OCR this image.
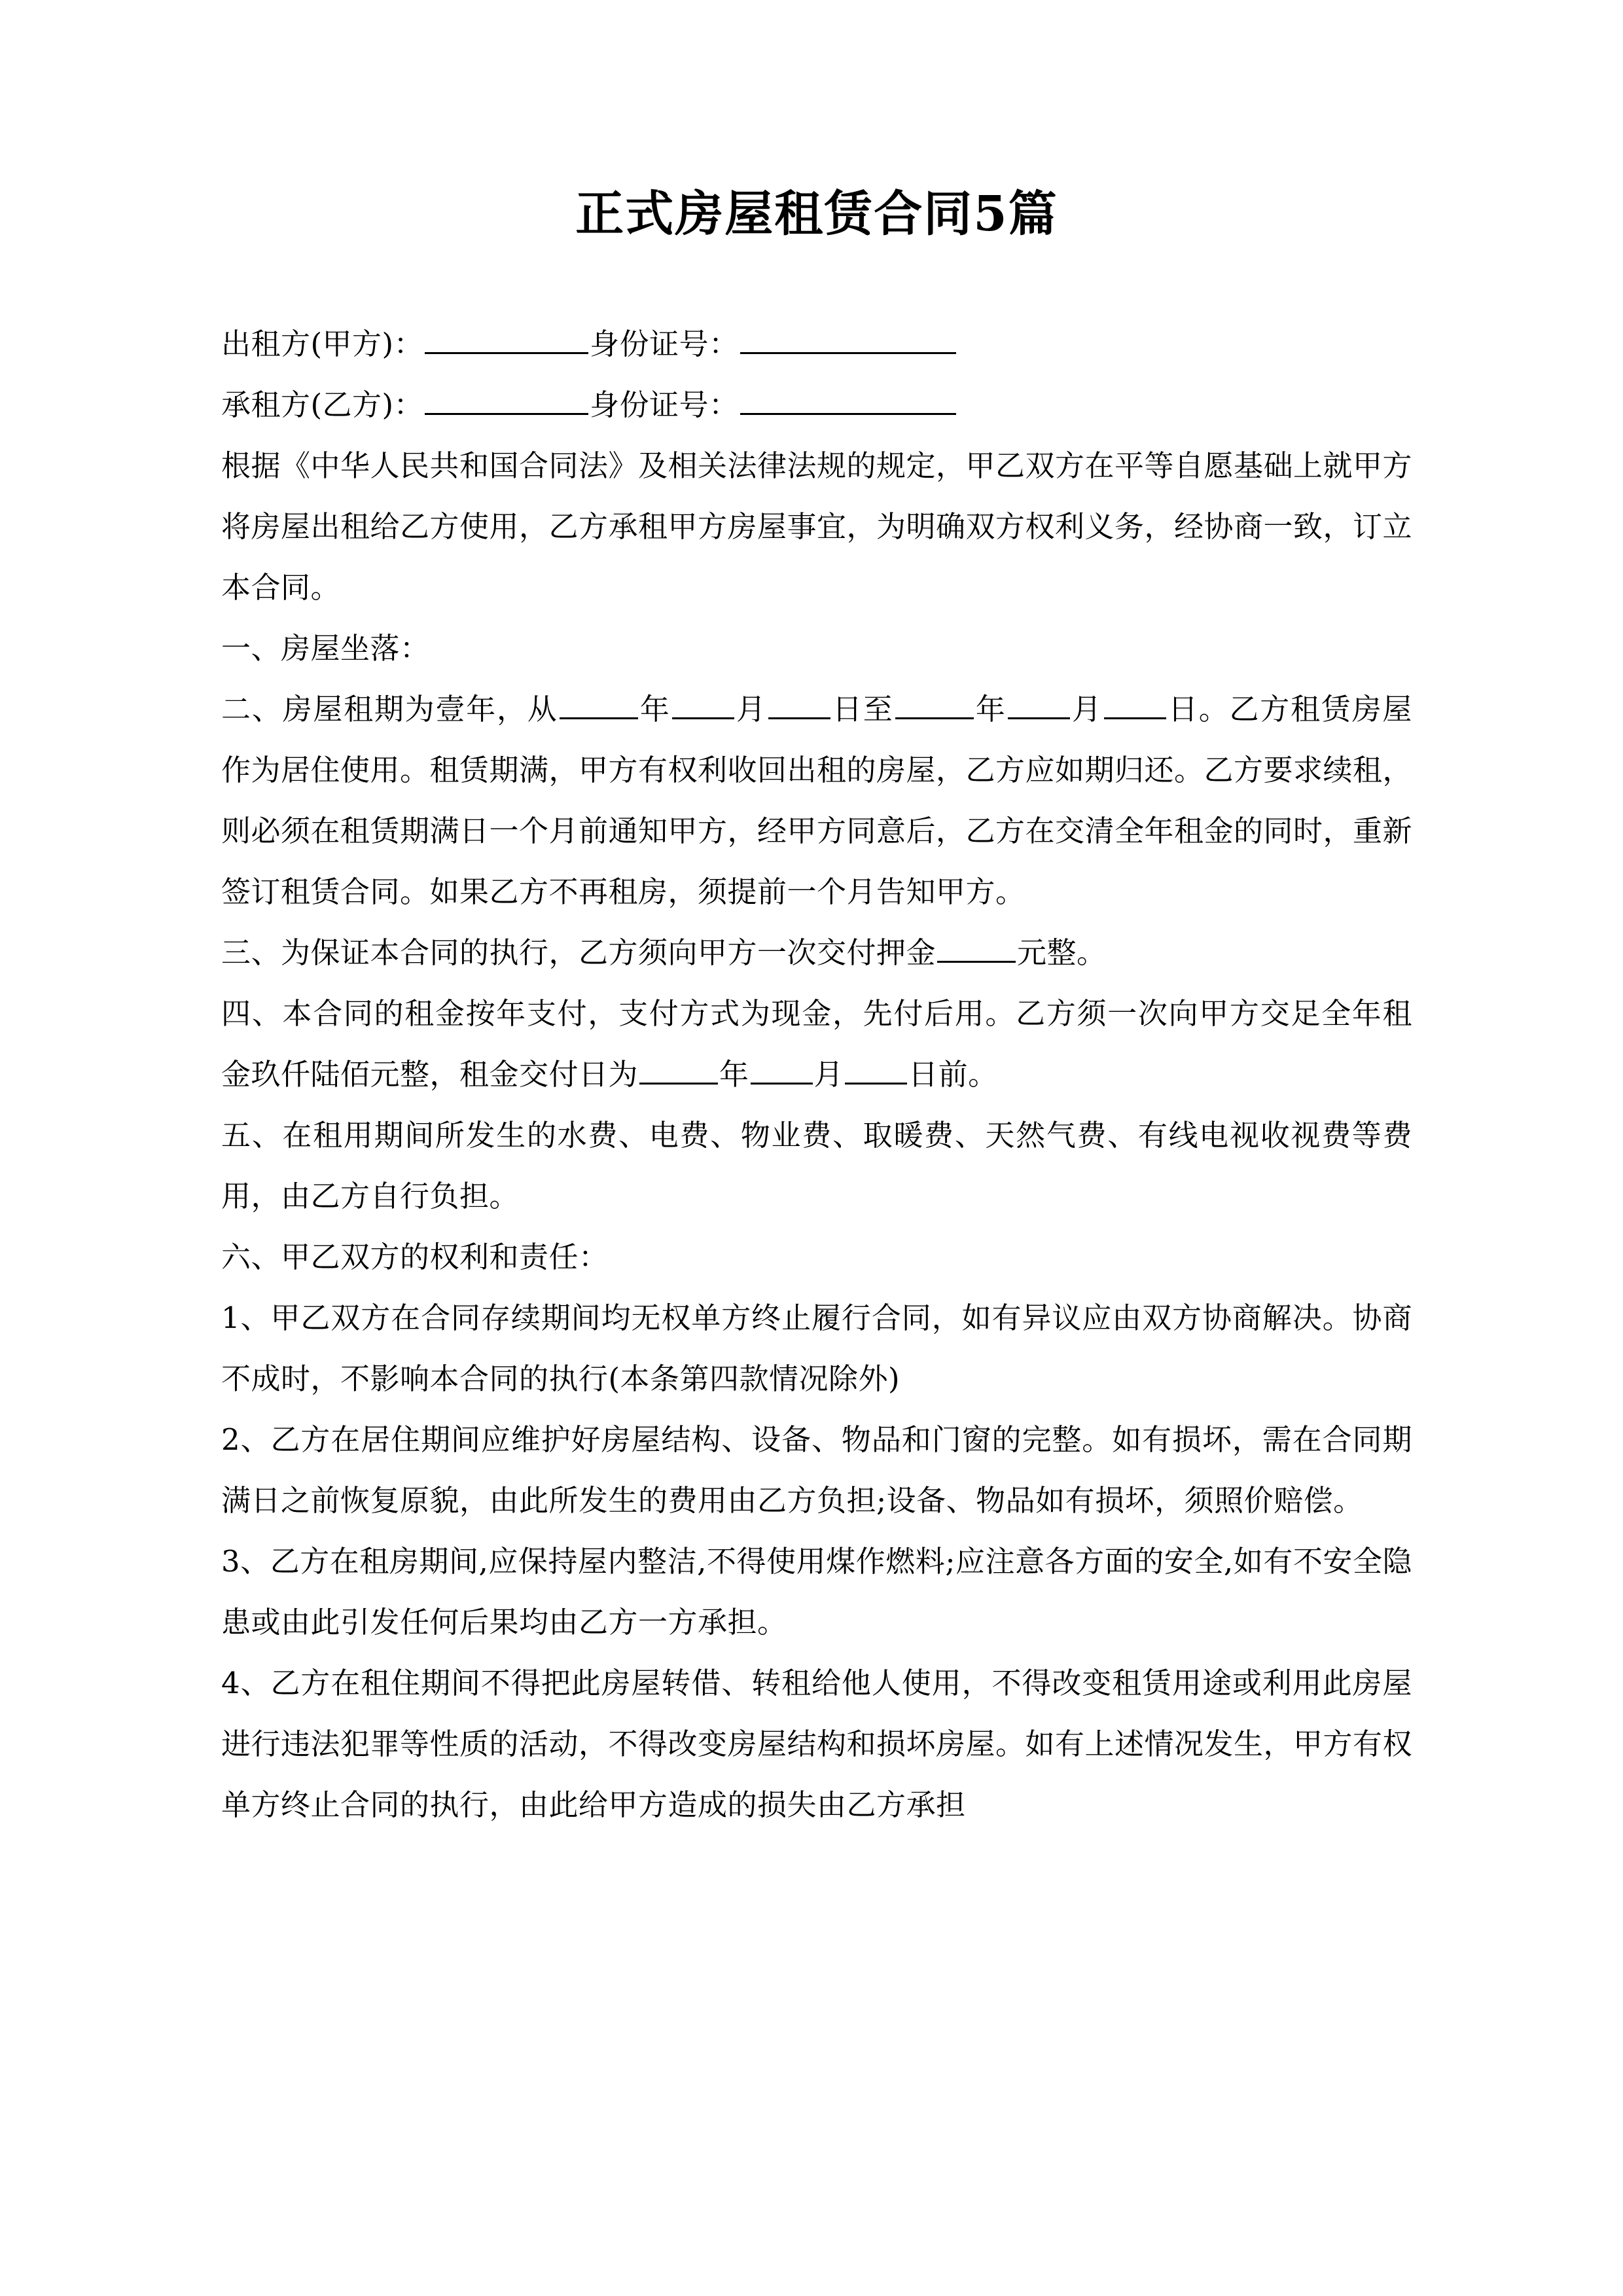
正式房屋租赁合同5篇

出租方(甲方)：	身份证号：

承租方(乙方)：	身份证号：

根据《中华人民共和国合同法》及相关法律法规的规定，甲乙双方在平等自愿基础上就甲方将房屋出租给乙方使用，乙方承租甲方房屋事宜，为明确双方权利义务，经协商一致，订立本合同。

一、房屋坐落：

二、房屋租期为壹年，从	年 月 日至	年 月 日。乙方租赁房屋作为居住使用。租赁期满，甲方有权利收回出租的房屋，乙方应如期归还。乙方要求续租，则必须在租赁期满日一个月前通知甲方，经甲方同意后，乙方在交清全年租金的同时，重新签订租赁合同。如果乙方不再租房，须提前一个月告知甲方。

三、为保证本合同的执行，乙方须向甲方一次交付押金	元整。

四、本合同的租金按年支付，支付方式为现金，先付后用。乙方须一次向甲方交足全年租金玖仟陆佰元整，租金交付日为	年 月 日前。

五、在租用期间所发生的水费、电费、物业费、取暖费、天然气费、有线电视收视费等费用，由乙方自行负担。

六、甲乙双方的权利和责任：

1、甲乙双方在合同存续期间均无权单方终止履行合同，如有异议应由双方协商解决。协商不成时，不影响本合同的执行(本条第四款情况除外)

2、乙方在居住期间应维护好房屋结构、设备、物品和门窗的完整。如有损坏，需在合同期满日之前恢复原貌，由此所发生的费用由乙方负担;设备、物品如有损坏，须照价赔偿。

3、乙方在租房期间,应保持屋内整洁,不得使用煤作燃料;应注意各方面的安全,如有不安全隐患或由此引发任何后果均由乙方一方承担。

4、乙方在租住期间不得把此房屋转借、转租给他人使用，不得改变租赁用途或利用此房屋进行违法犯罪等性质的活动，不得改变房屋结构和损坏房屋。如有上述情况发生，甲方有权单方终止合同的执行，由此给甲方造成的损失由乙方承担
